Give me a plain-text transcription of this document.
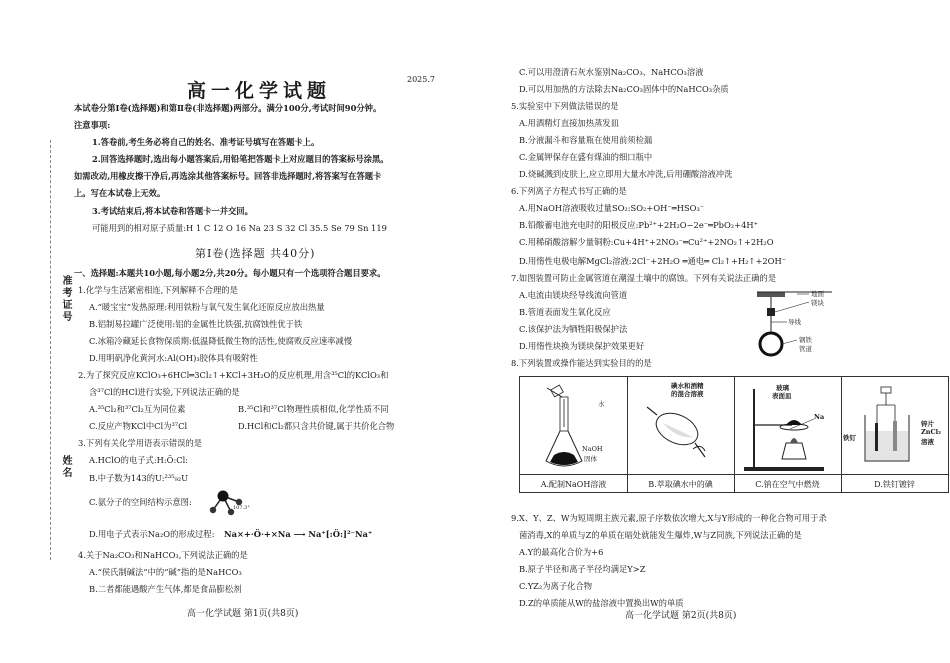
准考证号
姓名
高一化学试题
2025.7
本试卷分第Ⅰ卷(选择题)和第Ⅱ卷(非选择题)两部分。满分100分,考试时间90分钟。
注意事项:
1.答卷前,考生务必将自己的姓名、准考证号填写在答题卡上。
2.回答选择题时,选出每小题答案后,用铅笔把答题卡上对应题目的答案标号涂黑。
如需改动,用橡皮擦干净后,再选涂其他答案标号。回答非选择题时,将答案写在答题卡
上。写在本试卷上无效。
3.考试结束后,将本试卷和答题卡一并交回。
可能用到的相对原子质量:H 1 C 12 O 16 Na 23 S 32 Cl 35.5 Se 79 Sn 119
第Ⅰ卷(选择题 共40分)
一、选择题:本题共10小题,每小题2分,共20分。每小题只有一个选项符合题目要求。
1.化学与生活紧密相连,下列解释不合理的是
A.“暖宝宝”发热原理:利用铁粉与氧气发生氧化还原反应放出热量
B.铝制易拉罐广泛使用:铝的金属性比铁强,抗腐蚀性优于铁
C.冰箱冷藏延长食物保质期:低温降低微生物的活性,使腐败反应速率减慢
D.用明矾净化黄河水:Al(OH)₃胶体具有吸附性
2.为了探究反应KClO₃+6HCl═3Cl₂↑+KCl+3H₂O的反应机理,用含³⁵Cl的KClO₃和
含³⁷Cl的HCl进行实验,下列说法正确的是
A.³⁵Cl₂和³⁷Cl₂互为同位素	B.³⁵Cl和³⁷Cl物理性质相似,化学性质不同
C.反应产物KCl中Cl为³⁷Cl	D.HCl和Cl₂都只含共价键,属于共价化合物
3.下列有关化学用语表示错误的是
A.HClO的电子式:H:Ö:Cl:
B.中子数为143的U:²³⁵₉₂U
C.氨分子的空间结构示意图:
107.3°
D.用电子式表示Na₂O的形成过程: Na×+·Ö·+×Na ⟶ Na⁺[:Ö:]²⁻Na⁺
4.关于Na₂CO₃和NaHCO₃,下列说法正确的是
A.“侯氏制碱法”中的“碱”指的是NaHCO₃
B.二者都能遇酸产生气体,都是食品膨松剂
高一化学试题 第1页(共8页)
C.可以用澄清石灰水鉴别Na₂CO₃、NaHCO₃溶液
D.可以用加热的方法除去Na₂CO₃固体中的NaHCO₃杂质
5.实验室中下列做法错误的是
A.用酒精灯直接加热蒸发皿
B.分液漏斗和容量瓶在使用前须检漏
C.金属钾保存在盛有煤油的细口瓶中
D.烧碱溅到皮肤上,应立即用大量水冲洗,后用硼酸溶液冲洗
6.下列离子方程式书写正确的是
A.用NaOH溶液吸收过量SO₂:SO₂+OH⁻═HSO₃⁻
B.铅酸蓄电池充电时的阳极反应:Pb²⁺+2H₂O−2e⁻═PbO₂+4H⁺
C.用稀硝酸溶解少量铜粉:Cu+4H⁺+2NO₃⁻═Cu²⁺+2NO₂↑+2H₂O
D.用惰性电极电解MgCl₂溶液:2Cl⁻+2H₂O ═通电═ Cl₂↑+H₂↑+2OH⁻
7.如图装置可防止金属管道在潮湿土壤中的腐蚀。下列有关说法正确的是
A.电流由镁块经导线流向管道
B.管道表面发生氧化反应
C.该保护法为牺牲阳极保护法
D.用惰性块换为镁块保护效果更好
地面
镁块
导线
钢铁
管道
8.下列装置或操作能达到实验目的的是
水
NaOH
固体
A.配制NaOH溶液
碘水和酒精
的混合溶液
B.萃取碘水中的碘
玻璃
表面皿
Na
C.钠在空气中燃烧
铁钉
锌片
ZnCl₂
溶液
D.铁钉镀锌
9.X、Y、Z、W为短周期主族元素,原子序数依次增大,X与Y形成的一种化合物可用于杀
菌消毒,X的单质与Z的单质在暗处就能发生爆炸,W与Z同族,下列说法正确的是
A.Y的最高化合价为+6
B.原子半径和离子半径均满足Y>Z
C.YZ₂为离子化合物
D.Z的单质能从W的盐溶液中置换出W的单质
高一化学试题 第2页(共8页)
